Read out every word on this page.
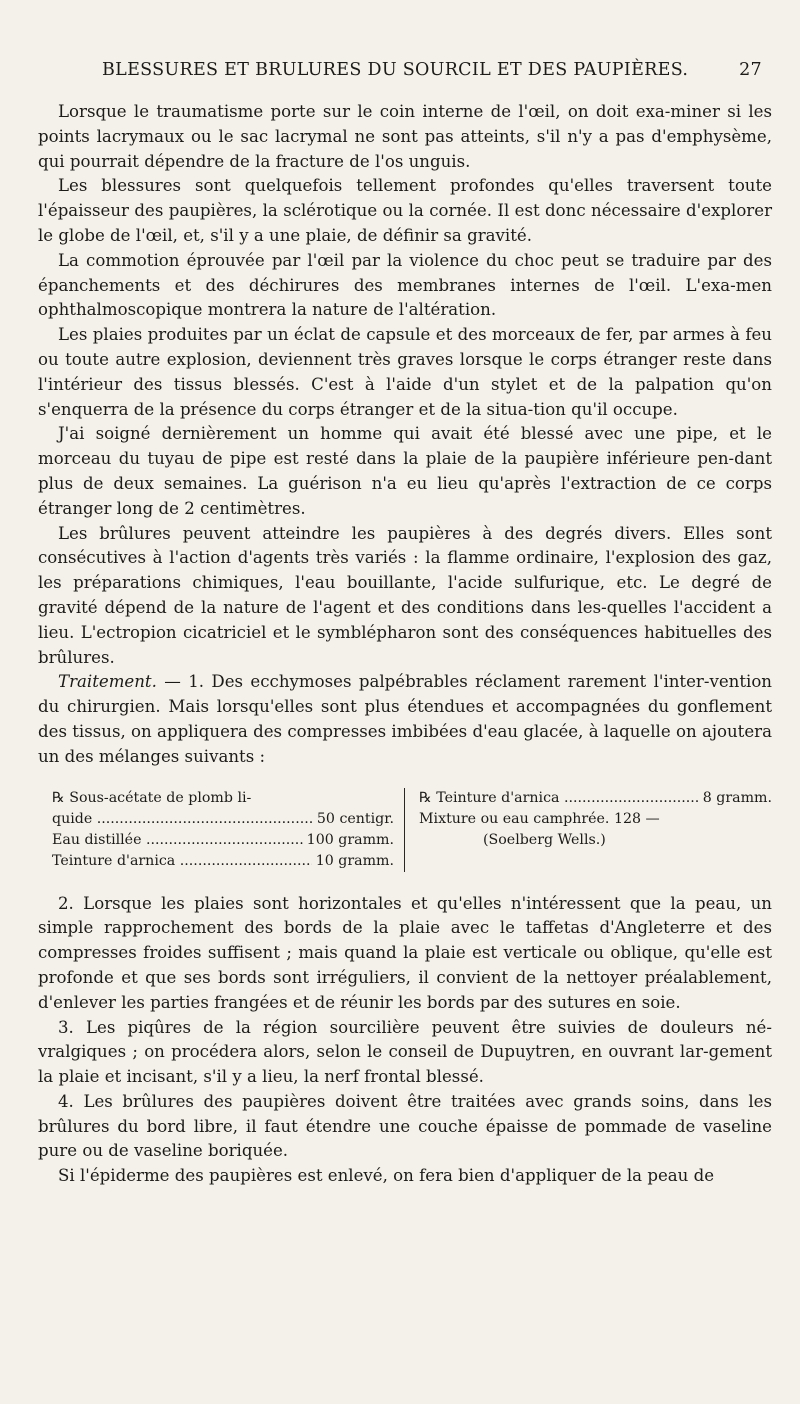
BLESSURES ET BRULURES DU SOURCIL ET DES PAUPIÈRES.	27

Lorsque le traumatisme porte sur le coin interne de l'œil, on doit exa-miner si les points lacrymaux ou le sac lacrymal ne sont pas atteints, s'il n'y a pas d'emphysème, qui pourrait dépendre de la fracture de l'os unguis.

Les blessures sont quelquefois tellement profondes qu'elles traversent toute l'épaisseur des paupières, la sclérotique ou la cornée. Il est donc nécessaire d'explorer le globe de l'œil, et, s'il y a une plaie, de définir sa gravité.

La commotion éprouvée par l'œil par la violence du choc peut se traduire par des épanchements et des déchirures des membranes internes de l'œil. L'exa-men ophthalmoscopique montrera la nature de l'altération.

Les plaies produites par un éclat de capsule et des morceaux de fer, par armes à feu ou toute autre explosion, deviennent très graves lorsque le corps étranger reste dans l'intérieur des tissus blessés. C'est à l'aide d'un stylet et de la palpation qu'on s'enquerra de la présence du corps étranger et de la situa-tion qu'il occupe.

J'ai soigné dernièrement un homme qui avait été blessé avec une pipe, et le morceau du tuyau de pipe est resté dans la plaie de la paupière inférieure pen-dant plus de deux semaines. La guérison n'a eu lieu qu'après l'extraction de ce corps étranger long de 2 centimètres.

Les brûlures peuvent atteindre les paupières à des degrés divers. Elles sont consécutives à l'action d'agents très variés : la flamme ordinaire, l'explosion des gaz, les préparations chimiques, l'eau bouillante, l'acide sulfurique, etc. Le degré de gravité dépend de la nature de l'agent et des conditions dans les-quelles l'accident a lieu. L'ectropion cicatriciel et le symblépharon sont des conséquences habituelles des brûlures.

Traitement. — 1. Des ecchymoses palpébrables réclament rarement l'inter-vention du chirurgien. Mais lorsqu'elles sont plus étendues et accompagnées du gonflement des tissus, on appliquera des compresses imbibées d'eau glacée, à laquelle on ajoutera un des mélanges suivants :

℞ Sous-acétate de plomb li-
quide .....	50 centigr.
Eau distillée .....	100 gramm.
Teinture d'arnica .....	10 gramm.
℞ Teinture d'arnica .....	8 gramm.
Mixture ou eau camphrée. 128 —
(Soelberg Wells.)

2. Lorsque les plaies sont horizontales et qu'elles n'intéressent que la peau, un simple rapprochement des bords de la plaie avec le taffetas d'Angleterre et des compresses froides suffisent ; mais quand la plaie est verticale ou oblique, qu'elle est profonde et que ses bords sont irréguliers, il convient de la nettoyer préalablement, d'enlever les parties frangées et de réunir les bords par des sutures en soie.

3. Les piqûres de la région sourcilière peuvent être suivies de douleurs né-vralgiques ; on procédera alors, selon le conseil de Dupuytren, en ouvrant lar-gement la plaie et incisant, s'il y a lieu, la nerf frontal blessé.

4. Les brûlures des paupières doivent être traitées avec grands soins, dans les brûlures du bord libre, il faut étendre une couche épaisse de pommade de vaseline pure ou de vaseline boriquée.

Si l'épiderme des paupières est enlevé, on fera bien d'appliquer de la peau de
